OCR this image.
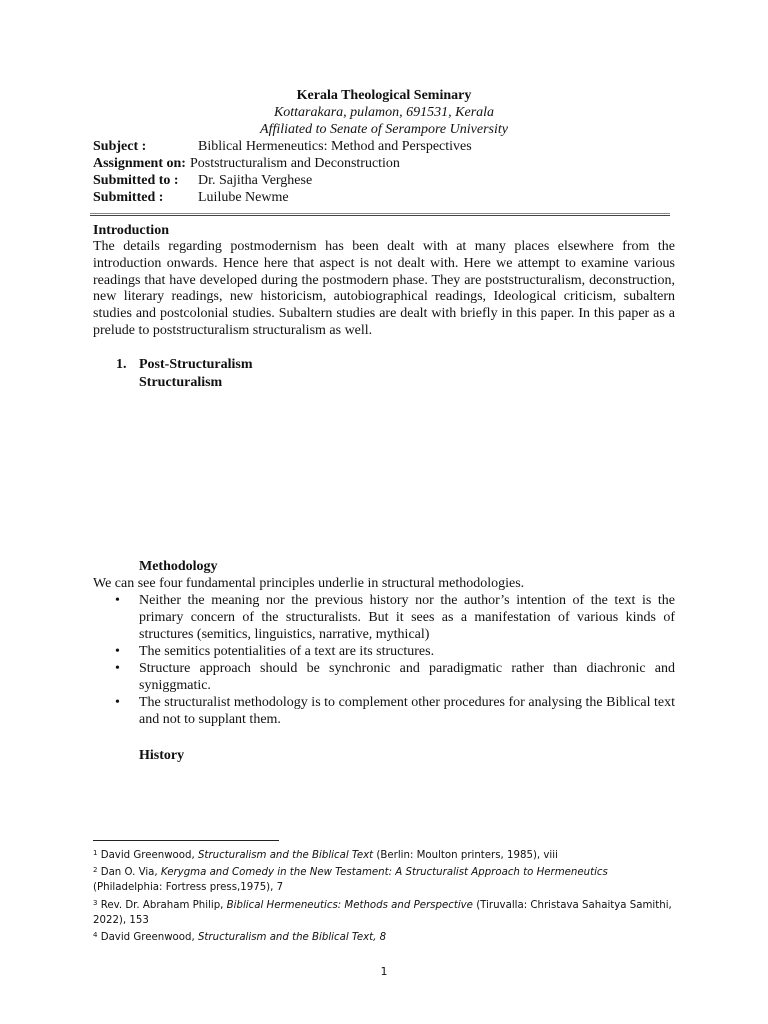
Kerala Theological Seminary
Kottarakara, pulamon, 691531, Kerala
Affiliated to Senate of Serampore University
Subject :	Biblical Hermeneutics: Method and Perspectives
Assignment on: Poststructuralism and Deconstruction
Submitted to :	Dr. Sajitha Verghese
Submitted :	Luilube Newme
Introduction
The details regarding postmodernism has been dealt with at many places elsewhere from the introduction onwards. Hence here that aspect is not dealt with. Here we attempt to examine various readings that have developed during the postmodern phase. They are poststructuralism, deconstruction, new literary readings, new historicism, autobiographical readings, Ideological criticism, subaltern studies and postcolonial studies. Subaltern studies are dealt with briefly in this paper. In this paper as a prelude to poststructuralism structuralism as well.
1. Post-Structuralism
Structuralism
Methodology
We can see four fundamental principles underlie in structural methodologies.
• Neither the meaning nor the previous history nor the author’s intention of the text is the primary concern of the structuralists. But it sees as a manifestation of various kinds of structures (semitics, linguistics, narrative, mythical)
• The semitics potentialities of a text are its structures.
• Structure approach should be synchronic and paradigmatic rather than diachronic and syniggmatic.
• The structuralist methodology is to complement other procedures for analysing the Biblical text and not to supplant them.
History

$^1$ David Greenwood, Structuralism and the Biblical Text (Berlin: Moulton printers, 1985), viii

$^2$ Dan O. Via, Kerygma and Comedy in the New Testament: A Structuralist Approach to Hermeneutics (Philadelphia: Fortress press,1975), 7

$^3$ Rev. Dr. Abraham Philip, Biblical Hermeneutics: Methods and Perspective (Tiruvalla: Christava Sahaitya Samithi, 2022), 153

$^4$ David Greenwood, Structuralism and the Biblical Text, 8

1
